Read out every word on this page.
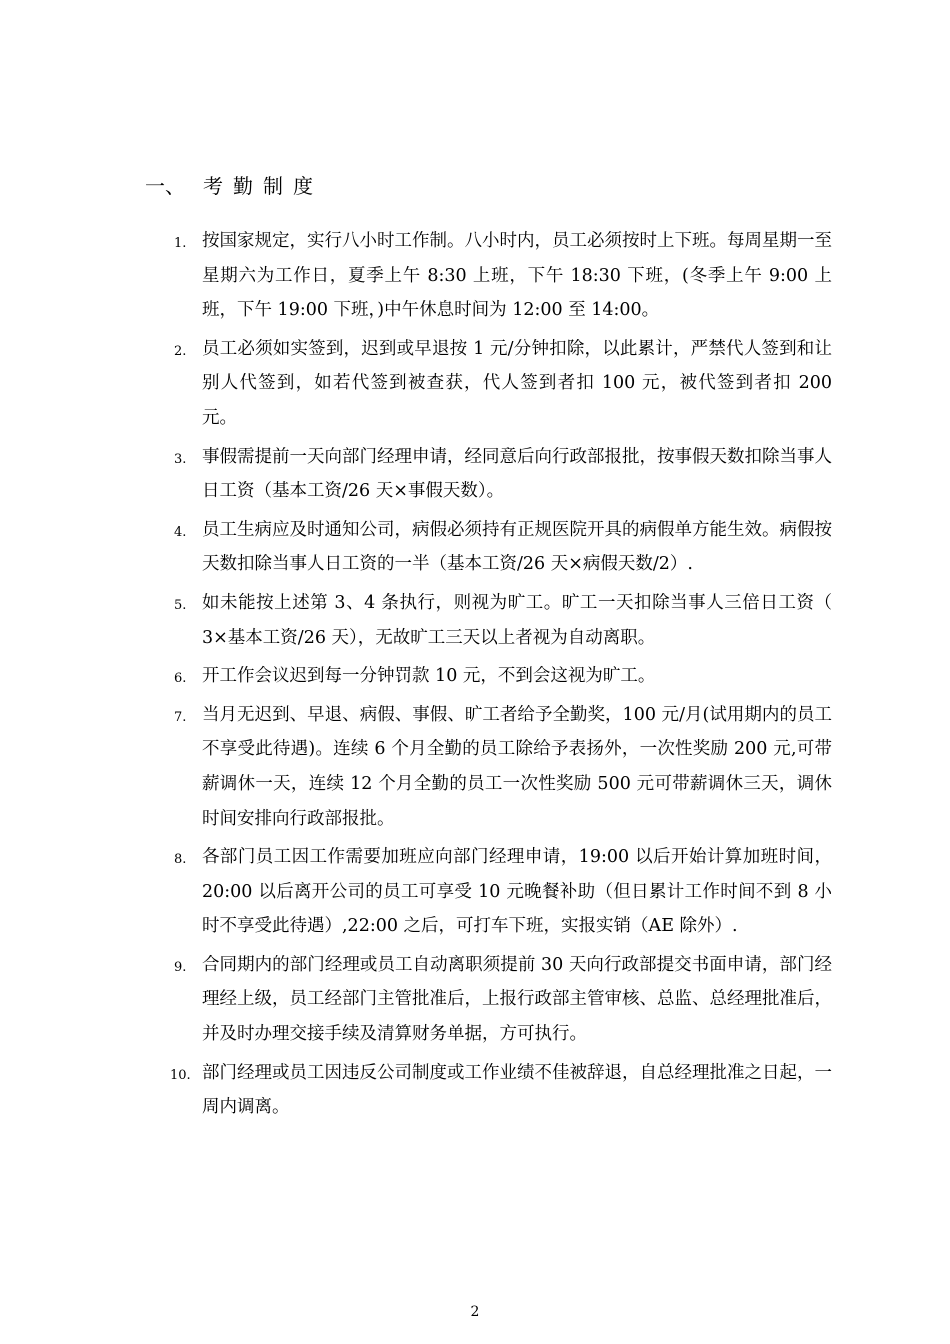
一、 考勤制度
1. 按国家规定，实行八小时工作制。八小时内，员工必须按时上下班。每周星期一至星期六为工作日，夏季上午 8:30 上班，下午 18:30 下班，(冬季上午 9:00 上班，下午 19:00 下班，)中午休息时间为 12:00 至 14:00。
2. 员工必须如实签到，迟到或早退按 1 元/分钟扣除，以此累计，严禁代人签到和让别人代签到，如若代签到被查获，代人签到者扣 100 元，被代签到者扣 200 元。
3. 事假需提前一天向部门经理申请，经同意后向行政部报批，按事假天数扣除当事人日工资（基本工资/26 天×事假天数）。
4. 员工生病应及时通知公司，病假必须持有正规医院开具的病假单方能生效。病假按天数扣除当事人日工资的一半（基本工资/26 天×病假天数/2）.
5. 如未能按上述第 3、4 条执行，则视为旷工。旷工一天扣除当事人三倍日工资（ 3×基本工资/26 天），无故旷工三天以上者视为自动离职。
6. 开工作会议迟到每一分钟罚款 10 元，不到会这视为旷工。
7. 当月无迟到、早退、病假、事假、旷工者给予全勤奖，100 元/月(试用期内的员工不享受此待遇)。连续 6 个月全勤的员工除给予表扬外，一次性奖励 200 元,可带薪调休一天，连续 12 个月全勤的员工一次性奖励 500 元可带薪调休三天，调休时间安排向行政部报批。
8. 各部门员工因工作需要加班应向部门经理申请，19:00 以后开始计算加班时间， 20:00 以后离开公司的员工可享受 10 元晚餐补助（但日累计工作时间不到 8 小时不享受此待遇）,22:00 之后，可打车下班，实报实销（AE 除外）.
9. 合同期内的部门经理或员工自动离职须提前 30 天向行政部提交书面申请，部门经理经上级，员工经部门主管批准后，上报行政部主管审核、总监、总经理批准后，并及时办理交接手续及清算财务单据，方可执行。
10. 部门经理或员工因违反公司制度或工作业绩不佳被辞退，自总经理批准之日起，一周内调离。
2
